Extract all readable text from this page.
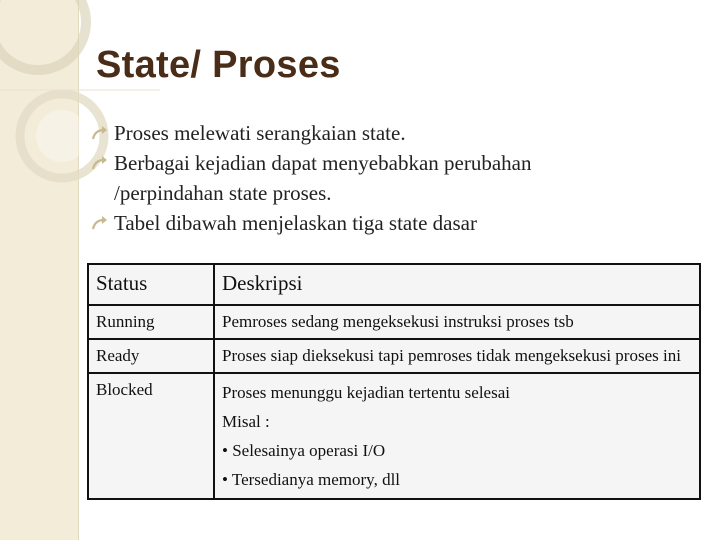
State/ Proses
Proses melewati serangkaian state.
Berbagai kejadian dapat menyebabkan perubahan /perpindahan state proses.
Tabel dibawah menjelaskan tiga state dasar
Status	Deskripsi
Running	Pemroses sedang mengeksekusi instruksi proses tsb

Ready	Proses siap dieksekusi tapi pemroses tidak mengeksekusi proses ini

Blocked	Proses menunggu kejadian tertentu selesai
Misal :
• Selesainya operasi I/O
• Tersedianya memory, dll
